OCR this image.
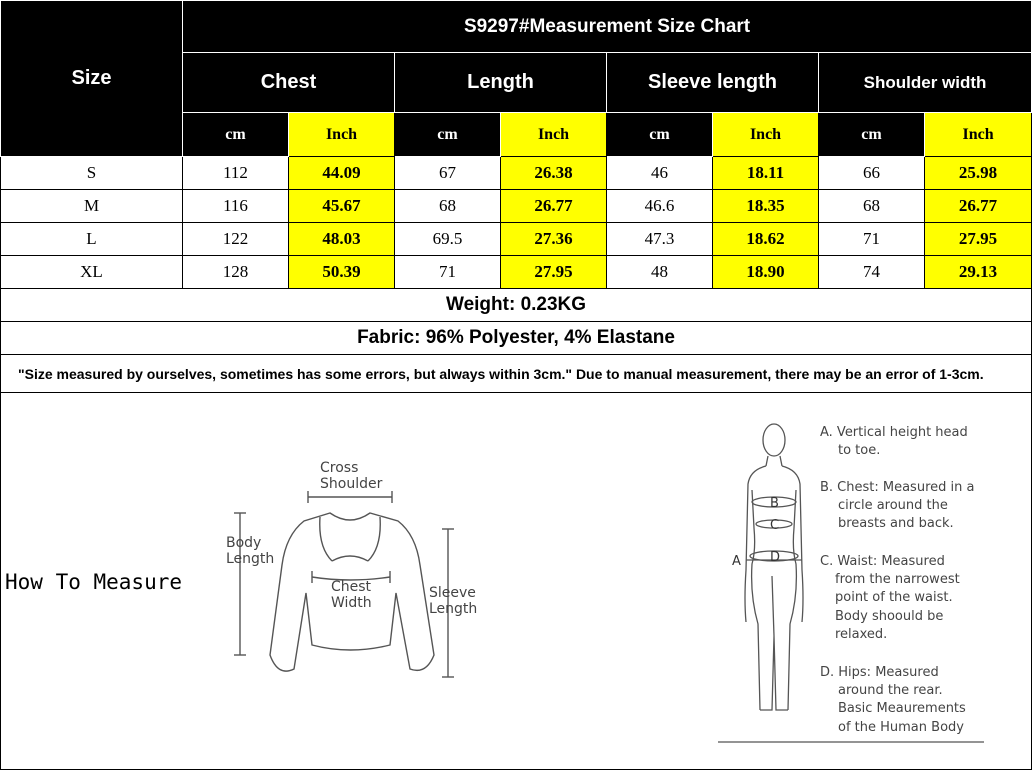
Size	S9297#Measurement Size Chart							
	Chest		Length		Sleeve length		Shoulder width	
	cm	Inch	cm	Inch	cm	Inch	cm	Inch
S	112	44.09	67	26.38	46	18.11	66	25.98
M	116	45.67	68	26.77	46.6	18.35	68	26.77
L	122	48.03	69.5	27.36	47.3	18.62	71	27.95
XL	128	50.39	71	27.95	48	18.90	74	29.13
Weight: 0.23KG								
Fabric: 96% Polyester, 4% Elastane								
"Size measured by ourselves, sometimes has some errors, but always within 3cm." Due to manual measurement, there may be an error of 1-3cm.								
How To Measure
Cross
Shoulder
Body
Length
Chest
Width
Sleeve
Length
A
B
C
D
A. Vertical height head
to toe.
B. Chest: Measured in a
circle around the
breasts and back.
C. Waist: Measured
from the narrowest
point of the waist.
Body shoould be
relaxed.
D. Hips: Measured
around the rear.
Basic Meaurements
of the Human Body
